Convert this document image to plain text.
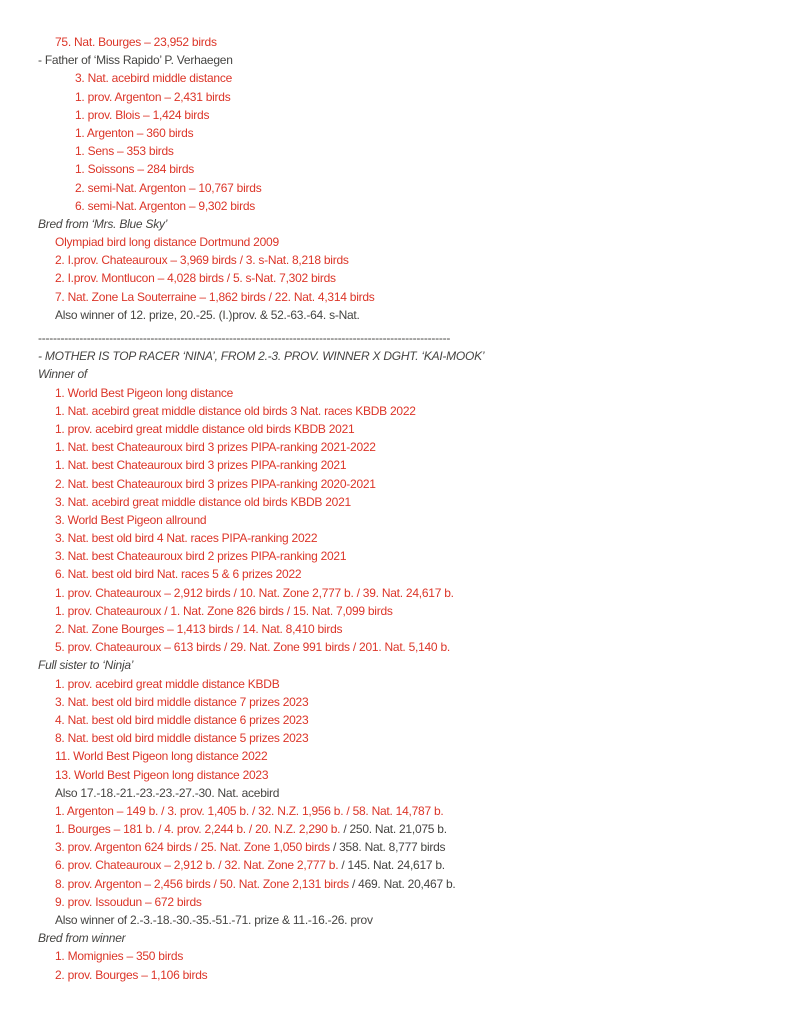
75. Nat. Bourges – 23,952 birds
- Father of ‘Miss Rapido’ P. Verhaegen
3. Nat. acebird middle distance
1. prov. Argenton – 2,431 birds
1. prov. Blois – 1,424 birds
1. Argenton – 360 birds
1. Sens – 353 birds
1. Soissons – 284 birds
2. semi-Nat. Argenton – 10,767 birds
6. semi-Nat. Argenton – 9,302 birds
Bred from ‘Mrs. Blue Sky’
Olympiad bird long distance Dortmund 2009
2. I.prov. Chateauroux – 3,969 birds / 3. s-Nat. 8,218 birds
2. I.prov. Montlucon – 4,028 birds / 5. s-Nat. 7,302 birds
7. Nat. Zone La Souterraine – 1,862 birds / 22. Nat. 4,314 birds
Also winner of 12. prize, 20.-25. (I.)prov. & 52.-63.-64. s-Nat.
--------------------------------------------------------------------------------------------------------------
- MOTHER IS TOP RACER ‘NINA’, FROM 2.-3. PROV. WINNER X DGHT. ‘KAI-MOOK’
Winner of
1. World Best Pigeon long distance
1. Nat. acebird great middle distance old birds 3 Nat. races KBDB 2022
1. prov. acebird great middle distance old birds KBDB 2021
1. Nat. best Chateauroux bird 3 prizes PIPA-ranking 2021-2022
1. Nat. best Chateauroux bird 3 prizes PIPA-ranking 2021
2. Nat. best Chateauroux bird 3 prizes PIPA-ranking 2020-2021
3. Nat. acebird great middle distance old birds KBDB 2021
3. World Best Pigeon allround
3. Nat. best old bird 4 Nat. races PIPA-ranking 2022
3. Nat. best Chateauroux bird 2 prizes PIPA-ranking 2021
6. Nat. best old bird Nat. races 5 & 6 prizes 2022
1. prov. Chateauroux – 2,912 birds / 10. Nat. Zone 2,777 b. / 39. Nat. 24,617 b.
1. prov. Chateauroux / 1. Nat. Zone 826 birds / 15. Nat. 7,099 birds
2. Nat. Zone Bourges – 1,413 birds / 14. Nat. 8,410 birds
5. prov. Chateauroux – 613 birds / 29. Nat. Zone 991 birds / 201. Nat. 5,140 b.
Full sister to ‘Ninja’
1. prov. acebird great middle distance KBDB
3. Nat. best old bird middle distance 7 prizes 2023
4. Nat. best old bird middle distance 6 prizes 2023
8. Nat. best old bird middle distance 5 prizes 2023
11. World Best Pigeon long distance 2022
13. World Best Pigeon long distance 2023
Also 17.-18.-21.-23.-23.-27.-30. Nat. acebird
1. Argenton – 149 b. / 3. prov. 1,405 b. / 32. N.Z. 1,956 b. / 58. Nat. 14,787 b.
1. Bourges – 181 b. / 4. prov. 2,244 b. / 20. N.Z. 2,290 b. / 250. Nat. 21,075 b.
3. prov. Argenton 624 birds / 25. Nat. Zone 1,050 birds / 358. Nat. 8,777 birds
6. prov. Chateauroux – 2,912 b. / 32. Nat. Zone 2,777 b. / 145. Nat. 24,617 b.
8. prov. Argenton – 2,456 birds / 50. Nat. Zone 2,131 birds / 469. Nat. 20,467 b.
9. prov. Issoudun – 672 birds
Also winner of 2.-3.-18.-30.-35.-51.-71. prize & 11.-16.-26. prov
Bred from winner
1. Momignies – 350 birds
2. prov. Bourges – 1,106 birds
